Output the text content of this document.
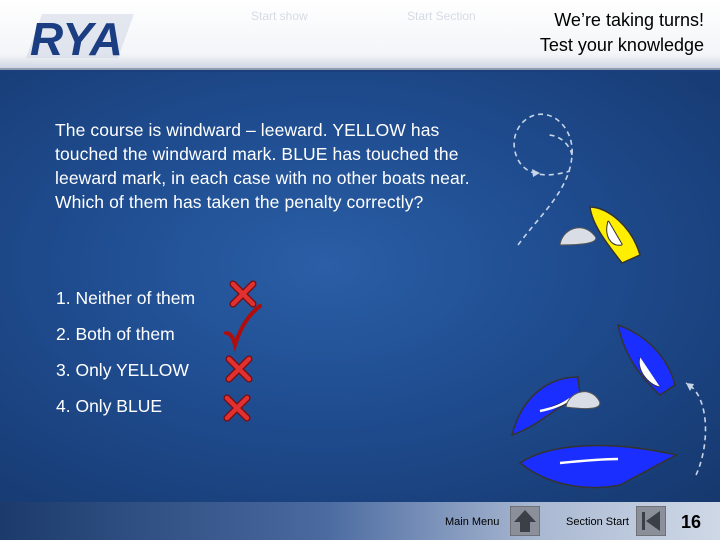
RYA	Start show	Start Section	We’re taking turns!
Test your knowledge
The course is windward – leeward. YELLOW has touched the windward mark. BLUE has touched the leeward mark, in each case with no other boats near. Which of them has taken the penalty correctly?
1. Neither of them
2. Both of them
3. Only YELLOW
4. Only BLUE
Main Menu	Section Start	16
